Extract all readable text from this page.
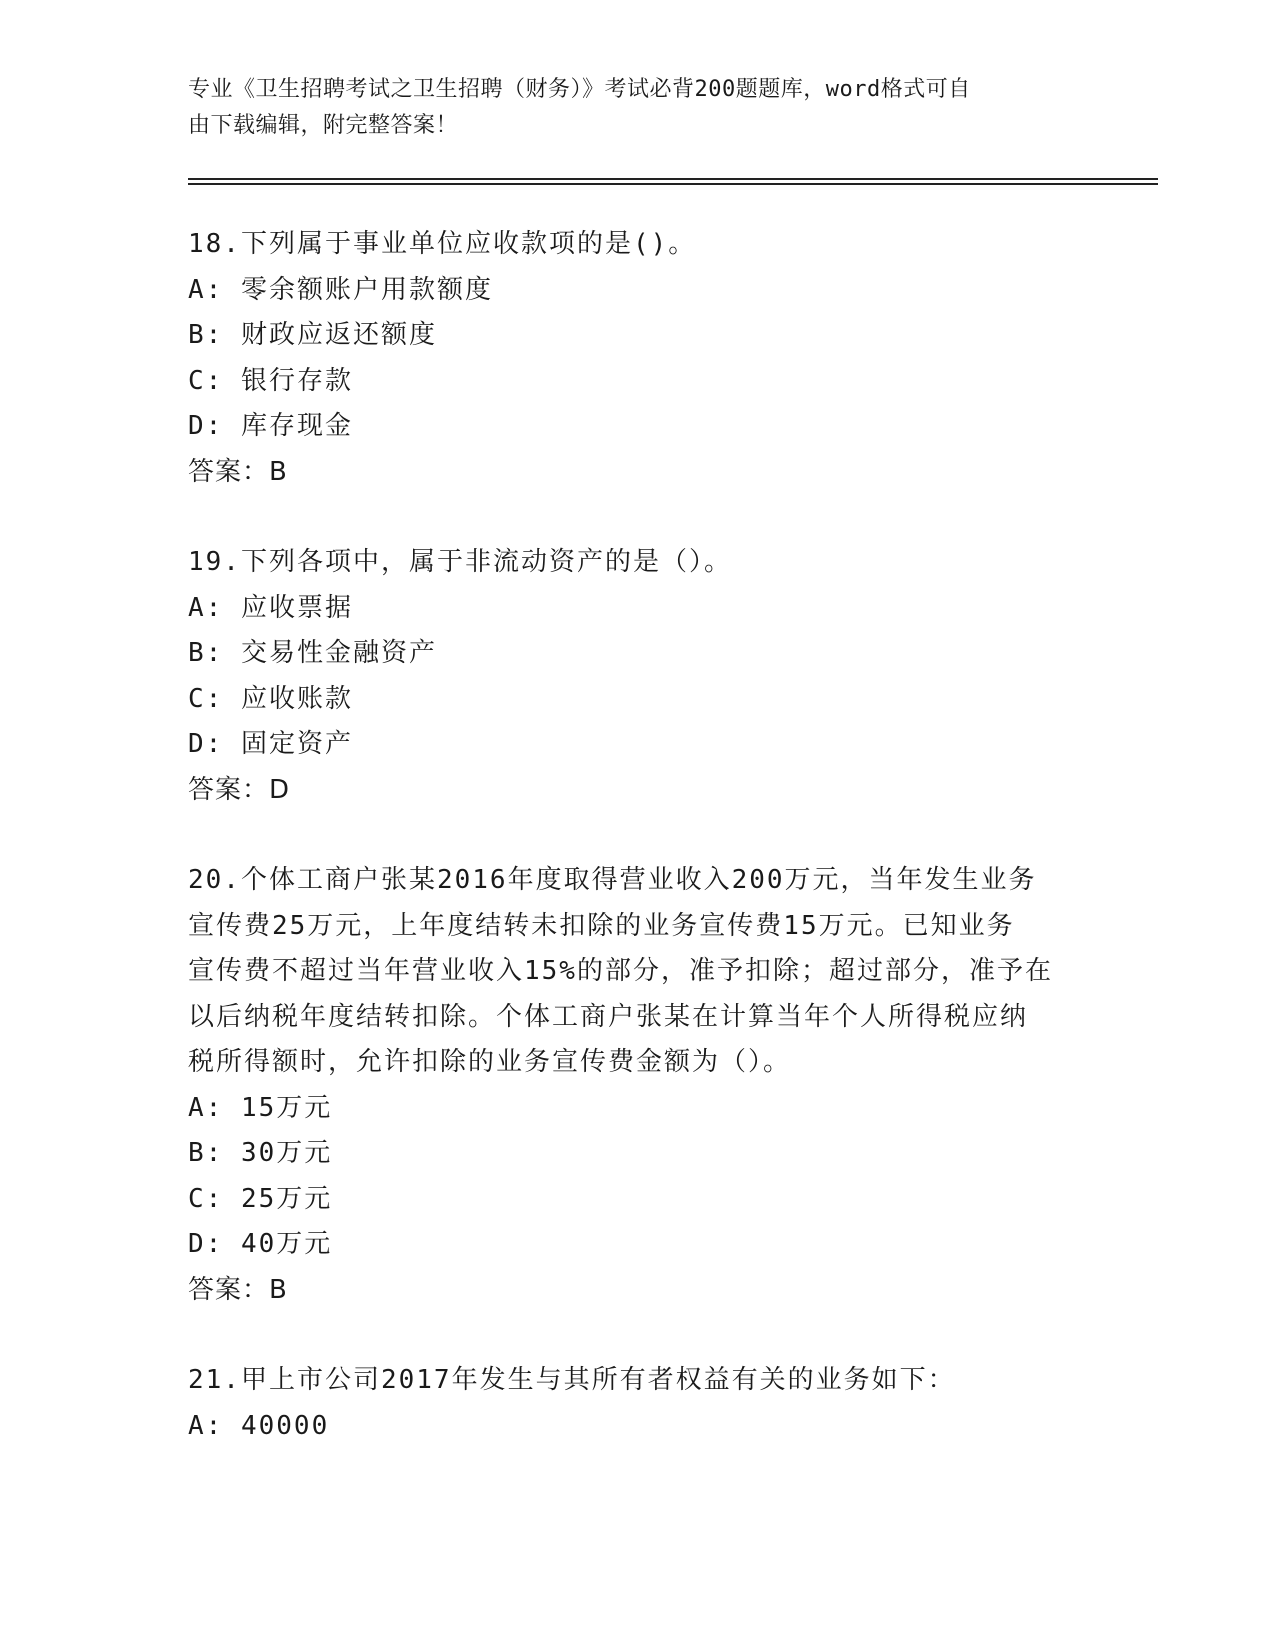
专业《卫生招聘考试之卫生招聘（财务）》考试必背200题题库，word格式可自
由下载编辑，附完整答案！
18.下列属于事业单位应收款项的是()。
A: 零余额账户用款额度
B: 财政应返还额度
C: 银行存款
D: 库存现金
答案：B
19.下列各项中，属于非流动资产的是（）。
A: 应收票据
B: 交易性金融资产
C: 应收账款
D: 固定资产
答案：D
20.个体工商户张某2016年度取得营业收入200万元，当年发生业务
宣传费25万元，上年度结转未扣除的业务宣传费15万元。已知业务
宣传费不超过当年营业收入15%的部分，准予扣除；超过部分，准予在
以后纳税年度结转扣除。个体工商户张某在计算当年个人所得税应纳
税所得额时，允许扣除的业务宣传费金额为（）。
A: 15万元
B: 30万元
C: 25万元
D: 40万元
答案：B
21.甲上市公司2017年发生与其所有者权益有关的业务如下：
A: 40000
